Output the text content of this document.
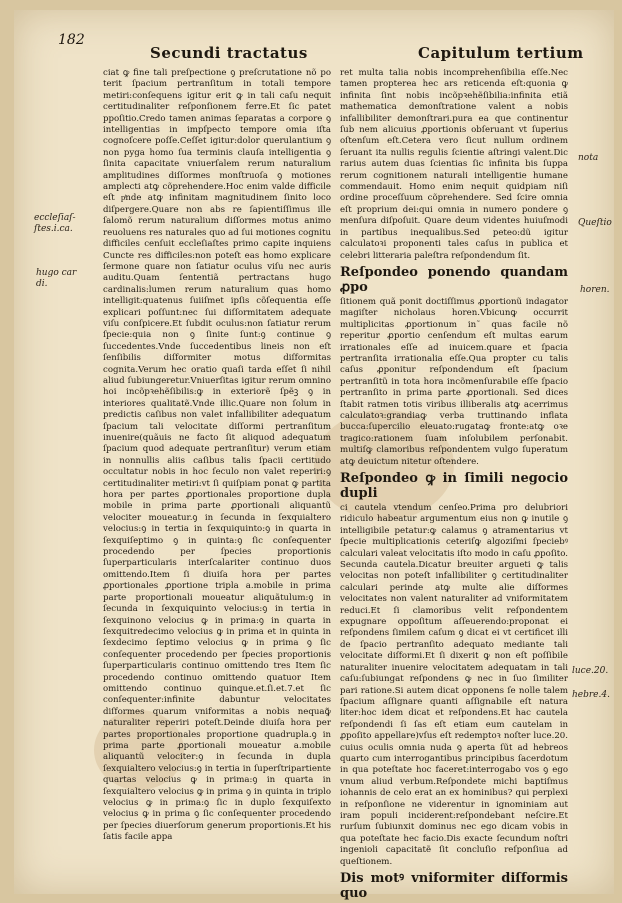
182
Secundi tractatus	Capitulum tertium
eccleſiaſ-
ſtes.i.ca.
hugo car
di.

ciat ꝙ fine tali preſpectione ꝯ preſcrutatione nõ po terit ſpacium pertranſitum in totali tempore metiri:conſequens igitur erit ꝙ in tali caſu nequit certitudinaliter reſponſionem ferre.Et ſic patet ppoſitio.Credo tamen animas ſeparatas a corpore ꝯ intelligentias in impſpecto tempore omia iſta cognoſcere poſſe.Ceſſet igitur:dolor querulantium ꝯ non pyga homo ſua terminis clauſa intelligentia ꝯ ſinita capacitate vniuerſalem rerum naturalium amplitudines diſſormes monſtruoſa ꝯ motiones amplecti atꝙ cõprehendere.Hoc enim valde difficile eſt pͥnde atꝙ infinitam magnitudinem ſinito loco diſpergere.Quare non abs re ſapientiſſimus ille ſalomõ rerum naturalium diſſormes motus animo reuoluens res naturales quo ad ſui motiones cognitu difficiles cenſuit eccleſiaſtes primo capite inquiens Cuncte res difficiles:non poteſt eas homo explicare ſermone quare non ſatiatur oculus viſu nec auris auditu.Quam ſententiã pertractans hugo cardinalis:lumen rerum naturalium quas homo intelligit:quatenus ſuiiſmet ipſis cõſequentia eſſe explicari poſſunt:nec ſui diſſormitatem adequate viſu conſpicere.Et ſubdit oculus:non ſatiatur rerum ſpecie:quia non ꝯ ſinite ſunt:ꝯ continue ꝯ ſuccedentes.Vnde ſuccedentibus lineis non eſt ſenſibilis diſformiter motus diſformitas cognita.Verum hec oratio quaſi tarda eſſet ſi nihil aliud ſubiungeretur.Vniuerſitas igitur rerum omnino hoi incõpꝛehẽſibilis:ꝙ in exteriorẽ ſpẽꝫ ꝯ in interiores qualitatẽ.Vnde illic.Quare non ſolum in predictis caſibus non valet infallibiliter adequatum ſpacium tali velocitate diſſormi pertranſitum inuenire(quãuis ne facto ſit aliquod adequatum ſpacium quod adequate pertranſitur) verum etiam in nonnullis aliis caſibus talis ſpacii certitudo occultatur nobis in hoc ſeculo non valet reperiri:ꝯ certitudinaliter metiri:vt ſi quiſpiam ponat ꝙ partita hora per partes ꝓportionales proportione dupla mobile in prima parte ꝓportionali aliquantũ velociter moueatur.ꝯ in ſecunda in ſexquialtero velocius:ꝯ in tertia in ſexquiquinto:ꝯ in quarta in ſexquiſeptimo ꝯ in quinta:ꝯ ſic conſequenter procedendo per ſpecies proportionis ſuperparticularis interſcalariter continuo duos omittendo.Item ſi diuiſa hora per partes ꝓportionales ꝓportione tripla a.mobile in prima parte proportionali moueatur aliquãtulum:ꝯ in ſecunda in ſexquiquinto velocius:ꝯ in tertia in ſexquinono velocius ꝙ in prima:ꝯ in quarta in ſexquitredecimo velocius ꝙ in prima et in quinta in ſexdecimo ſeptimo velocius ꝙ in prima ꝯ ſic conſequenter procedendo per ſpecies proportionis ſuperparticularis continuo omittendo tres Item ſic procedendo continuo omittendo quatuor Item omittendo continuo quinque.et.ſi.et.7.et ſic conſequenter:infinite dabuntur velocitates diſformes quarum vniformitas a nobis nequaꝙ̃ naturaliter reperiri poteſt.Deinde diuiſa hora per partes proportionales proportione quadrupla.ꝯ in prima parte ꝓportionali moueatur a.mobile aliquantũ velociter:ꝯ in ſecunda in dupla ſexquialtero velocius:ꝯ in tertia in ſuperſtripartiente quartas velocius ꝙ in prima:ꝯ in quarta in ſexquialtero velocius ꝙ in prima ꝯ in quinta in triplo velocius ꝙ in prima:ꝯ ſic in duplo ſexquiſexto velocius ꝙ in prima ꝯ ſic conſequenter procedendo per ſpecies diuerſorum generum proportionis.Et his ſatis facile appa

ret multa talia nobis incomprehenſibilia eſſe.Nec tamen propterea hec ars reticenda eſt:quonia ꝙ infinita ſint nobis incõpꝛehẽſibilia:infinita etiã mathematica demonſtratione valent a nobis infallibiliter demonſtrari.pura ea que continentur ſub nem alicuius ꝓportionis obſeruant vt ſuperius oſtenſum eſt.Cetera vero ſicut nullum ordinem ſeruant ita nullis regulis ſcientie aſtringi valent.Dic rarius autem duas ſcientias ſic infinita bis ſuppa rerum cognitionem naturali intelligentie humane commendauit. Homo enim nequit quidpiam niſi ordine proceſſuum cõprehendere. Sed ſcire omnia eſt proprium dei:qui omnia in numero pondere ꝯ menſura diſpoſuit. Quare deum videntes huiuſmodi in partibus inequalibus.Sed peteo:dũ igitur calculatoꝛi proponenti tales caſus in publica et celebri litteraria paleſtra reſpondendum ſit.

Reſpondeo ponendo quandam ꝓpo

ſitionem quã ponit doctiſſimus ꝓportionũ indagator magiſter nicholaus horen.Vbicunꝙ occurrit multiplicitas ꝓportionum in˜ quas facile nõ reperitur ꝓportio cenſendum eſt multas earum irrationales eſſe ad inuicem.quare et ſpacia pertranſita irrationalia eſſe.Qua propter cu talis caſus ꝓponitur reſpondendum eſt ſpacium pertranſitũ in tota hora incõmenſurabile eſſe ſpacio pertranſito in prima parte ꝓportionali. Sed dices ſtabit ratmen totis viribus illiberalis atꝙ acerrimus calculatoꝛ:grandiaꝙ verba truttinando inflata bucca:ſupercilio eleuato:rugataꝙ fronte:atꝙ oꝛe tragico:rationem ſuam inſolubilem perſonabit. multiſꝙ clamoribus reſpondentem vulgo ſuperatum atꝙ deuictum nitetur oſtendere.

Reſpondeo ꝙ in ſimili negocio dupli

ci cautela vtendum cenſeo.Prima pro delubriori ridiculo habeatur argumentum eius non ꝙ inutile ꝯ intelligibile petatur:ꝙ calamus ꝯ atramentarius vt ſpecie multiplicationis ceteriſꝙ algoziſmi ſpeciebꝰ calculari valeat velocitatis iſto modo in caſu ꝓpoſito. Secunda cautela.Dicatur breuiter argueti ꝙ talis velocitas non poteſt infallibiliter ꝯ certitudinaliter calculari perinde atꝙ multe alie diſformes velocitates non valent naturaliter ad vniformitatem reduci.Et ſi clamoribus velit reſpondentem expugnare oppoſitum aſſeuerendo:proponat ei reſpondens ſimilem caſum ꝯ dicat ei vt certificet illi de ſpacio pertranſito adequato mediante tali velocitate diſformi.Et ſi dixerit ꝙ non eſt poſſibile naturaliter inuenire velocitatem adequatam in tali caſu:ſubiungat reſpondens ꝙ nec in ſuo ſimiliter pari ratione.Si autem dicat opponens ſe nolle talem ſpacium aſſignare quanti aſſignabile eſt natura liter:hoc idem dicat et reſpondens.Et hac cautela reſpondendi ſi ſas eſt etiam eum cautelam in ꝓpoſito appellare)vſus eſt redemptoꝛ noſter luce.20. cuius oculis omnia nuda ꝯ aperta ſũt ad hebreos quarto cum interrogantibus principibus ſacerdotum in qua poteſtate hoc faceret:interrogabo vos ꝯ ego vnum aliud verbum.Reſpondete michi baptiſmus iohannis de celo erat an ex hominibus? qui perplexi in reſponſione ne viderentur in ignominiam aut iram populi inciderent:reſpondebant neſcire.Et rurſum ſubiunxit dominus nec ego dicam vobis in qua poteſtate hec facio.Dis exacte ſecundum noſtri ingenioli capacitatẽ ſit concluſio reſponſiua ad queſtionem.

Dis motꝰ vniformiter diſformis quo
nota
Queſtio
horen.
luce.20.
hebre.4.
